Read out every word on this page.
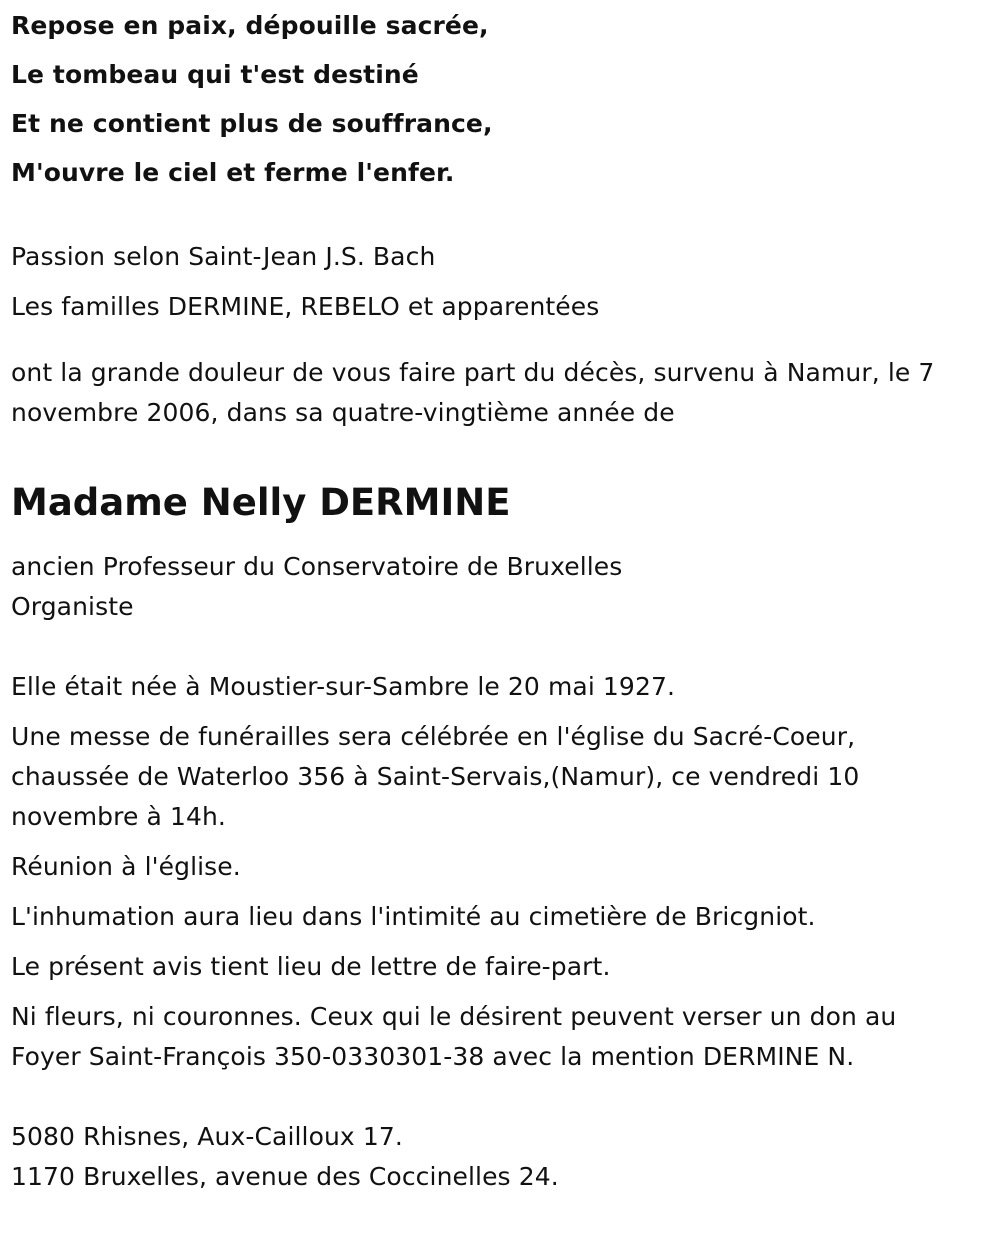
Repose en paix, dépouille sacrée,
Le tombeau qui t'est destiné
Et ne contient plus de souffrance,
M'ouvre le ciel et ferme l'enfer.
Passion selon Saint-Jean J.S. Bach
Les familles DERMINE, REBELO et apparentées
ont la grande douleur de vous faire part du décès, survenu à Namur, le 7
novembre 2006, dans sa quatre-vingtième année de
Madame Nelly DERMINE
ancien Professeur du Conservatoire de Bruxelles
Organiste
Elle était née à Moustier-sur-Sambre le 20 mai 1927.
Une messe de funérailles sera célébrée en l'église du Sacré-Coeur,
chaussée de Waterloo 356 à Saint-Servais,(Namur), ce vendredi 10
novembre à 14h.
Réunion à l'église.
L'inhumation aura lieu dans l'intimité au cimetière de Bricgniot.
Le présent avis tient lieu de lettre de faire-part.
Ni fleurs, ni couronnes. Ceux qui le désirent peuvent verser un don au
Foyer Saint-François 350-0330301-38 avec la mention DERMINE N.
5080 Rhisnes, Aux-Cailloux 17.
1170 Bruxelles, avenue des Coccinelles 24.
